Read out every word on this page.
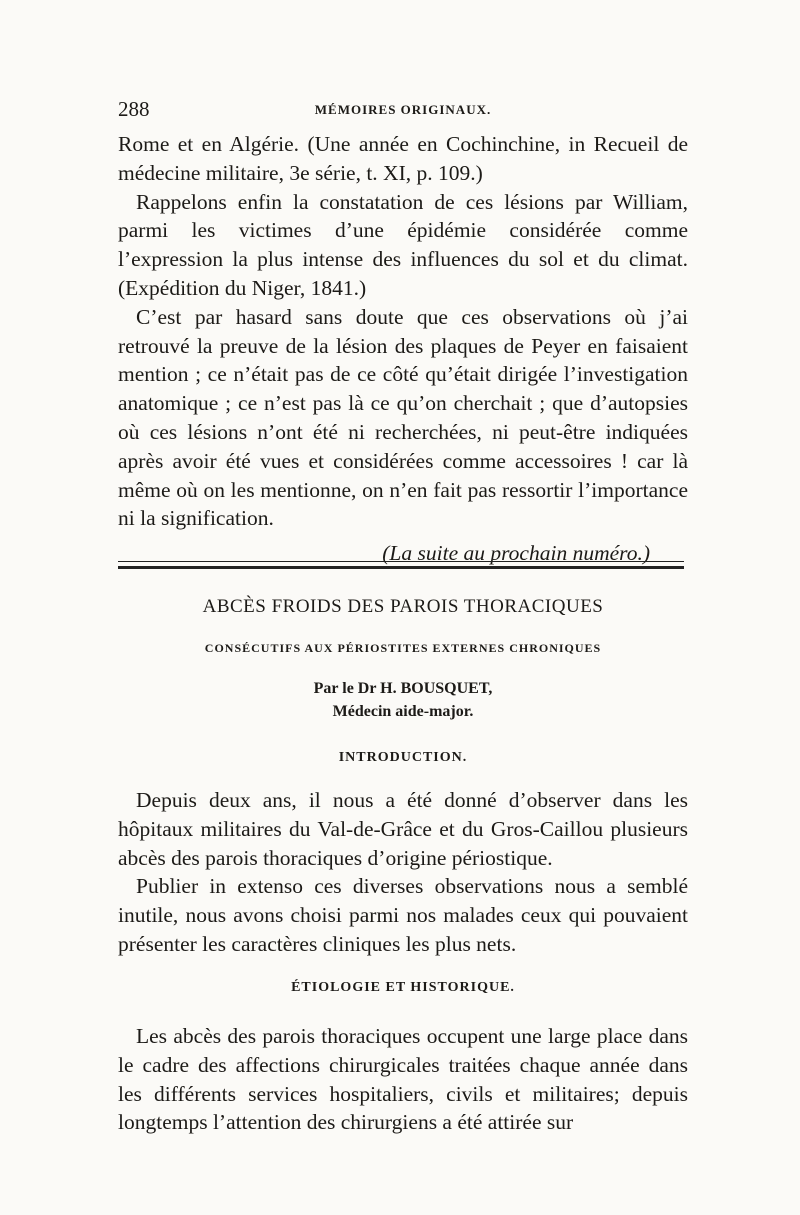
288	MÉMOIRES ORIGINAUX.

Rome et en Algérie. (Une année en Cochinchine, in Recueil de médecine militaire, 3e série, t. XI, p. 109.)

Rappelons enfin la constatation de ces lésions par William, parmi les victimes d’une épidémie considérée comme l’expression la plus intense des influences du sol et du climat. (Expédition du Niger, 1841.)

C’est par hasard sans doute que ces observations où j’ai retrouvé la preuve de la lésion des plaques de Peyer en faisaient mention ; ce n’était pas de ce côté qu’était dirigée l’investigation anatomique ; ce n’est pas là ce qu’on cherchait ; que d’autopsies où ces lésions n’ont été ni recherchées, ni peut-être indiquées après avoir été vues et considérées comme accessoires ! car là même où on les mentionne, on n’en fait pas ressortir l’importance ni la signification.

(La suite au prochain numéro.)

ABCÈS FROIDS DES PAROIS THORACIQUES
CONSÉCUTIFS AUX PÉRIOSTITES EXTERNES CHRONIQUES
Par le Dr H. BOUSQUET,
Médecin aide-major.
INTRODUCTION.

Depuis deux ans, il nous a été donné d’observer dans les hôpitaux militaires du Val-de-Grâce et du Gros-Caillou plusieurs abcès des parois thoraciques d’origine périostique.

Publier in extenso ces diverses observations nous a semblé inutile, nous avons choisi parmi nos malades ceux qui pouvaient présenter les caractères cliniques les plus nets.

ÉTIOLOGIE ET HISTORIQUE.

Les abcès des parois thoraciques occupent une large place dans le cadre des affections chirurgicales traitées chaque année dans les différents services hospitaliers, civils et militaires; depuis longtemps l’attention des chirurgiens a été attirée sur
